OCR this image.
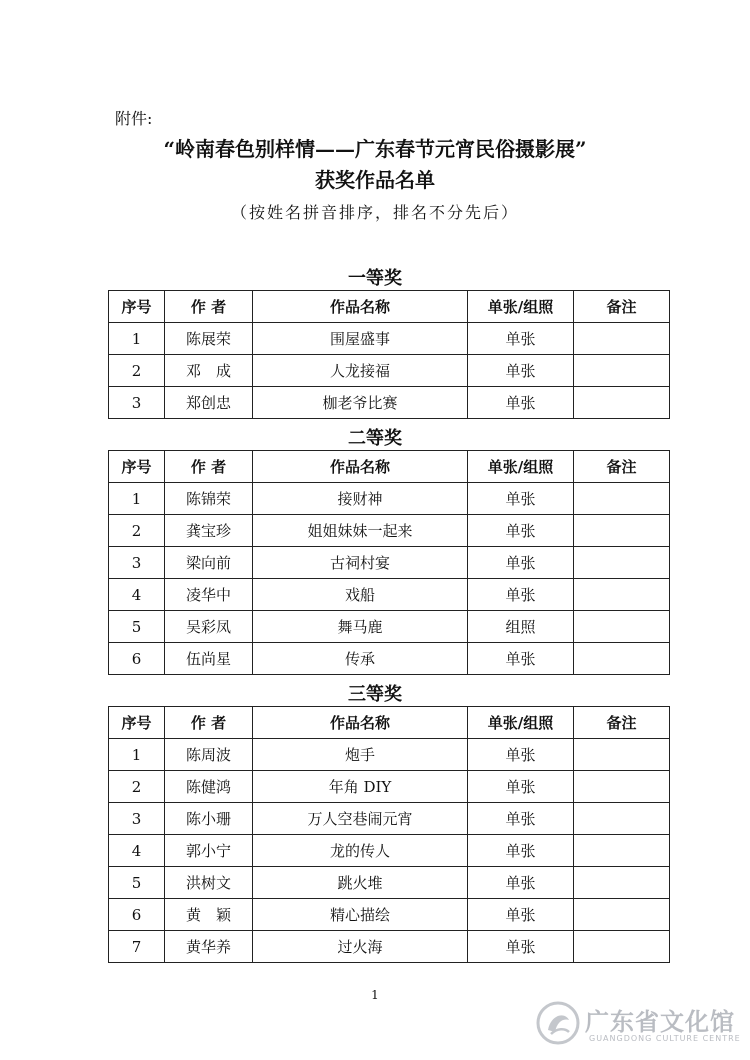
附件:
“岭南春色别样情——广东春节元宵民俗摄影展”
获奖作品名单
（按姓名拼音排序，排名不分先后）
一等奖
序号	作 者	作品名称	单张/组照	备注
1	陈展荣	围屋盛事	单张	
2	邓　成	人龙接福	单张	
3	郑创忠	枷老爷比赛	单张	
二等奖
序号	作 者	作品名称	单张/组照	备注
1	陈锦荣	接财神	单张	
2	龚宝珍	姐姐妹妹一起来	单张	
3	梁向前	古祠村宴	单张	
4	凌华中	戏船	单张	
5	吴彩凤	舞马鹿	组照	
6	伍尚星	传承	单张	
三等奖
序号	作 者	作品名称	单张/组照	备注
1	陈周波	炮手	单张	
2	陈健鸿	年角 DIY	单张	
3	陈小珊	万人空巷闹元宵	单张	
4	郭小宁	龙的传人	单张	
5	洪树文	跳火堆	单张	
6	黄　颖	精心描绘	单张	
7	黄华养	过火海	单张	
1
广东省文化馆
GUANGDONG CULTURE CENTRE
